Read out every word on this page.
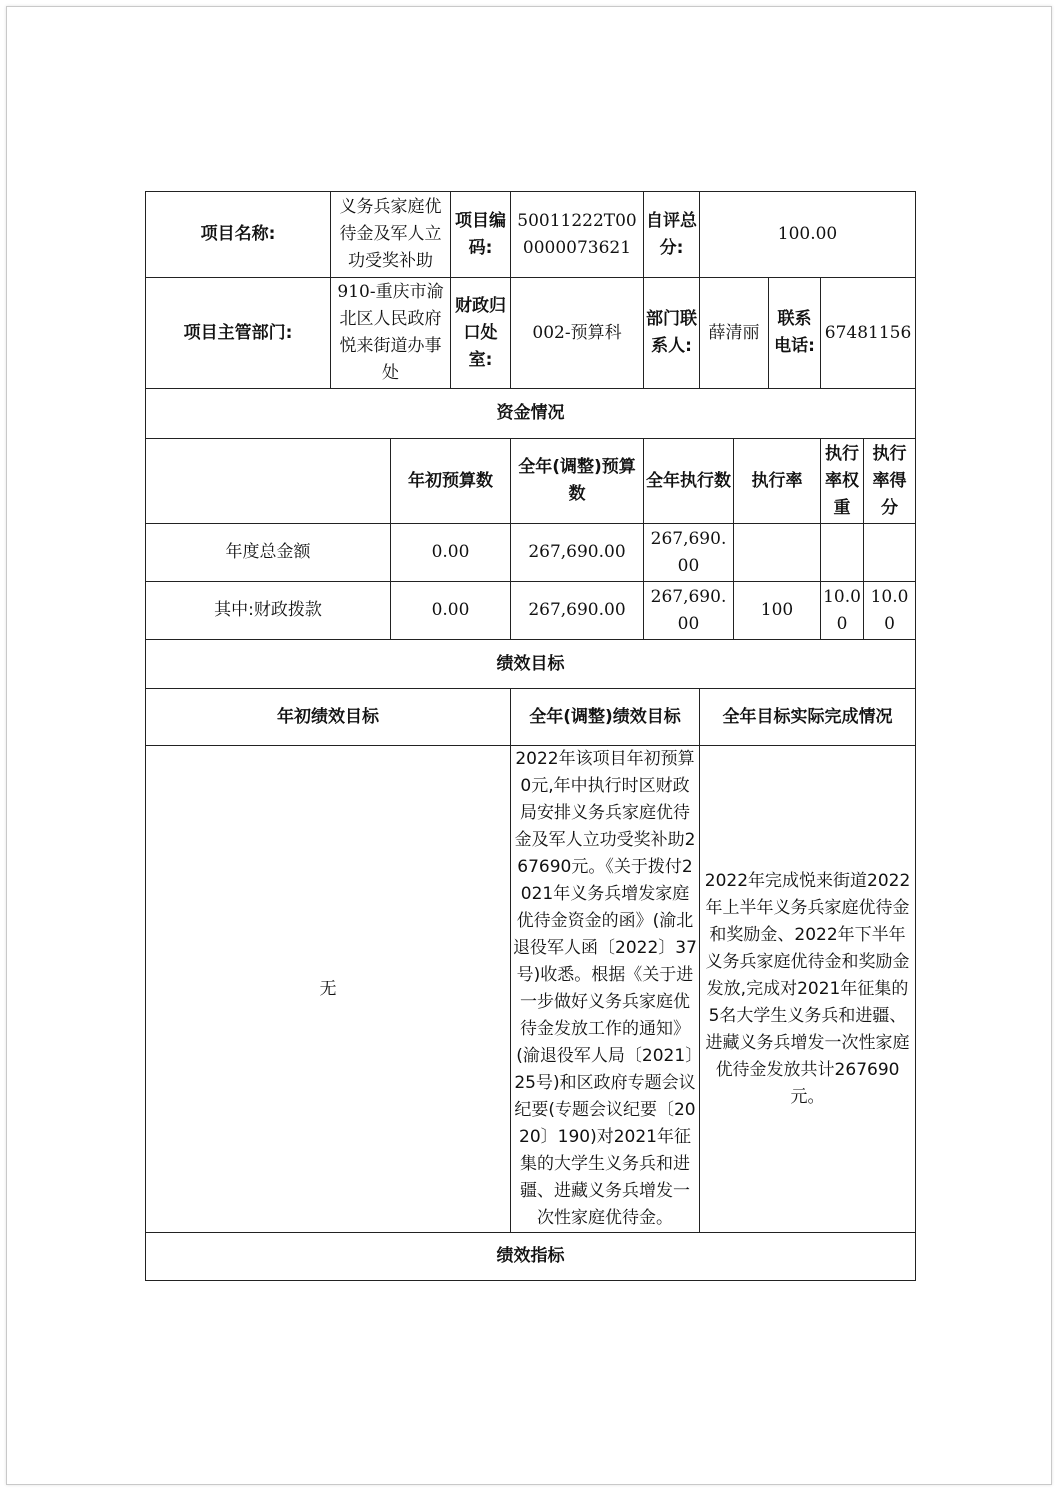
项目名称:	义务兵家庭优待金及军人立功受奖补助		项目编码:	50011222T000000073621	自评总分:	100.00				
项目主管部门:	910-重庆市渝北区人民政府悦来街道办事处		财政归口处室:	002-预算科	部门联系人:	薛清丽		联系电话:	67481156	
资金情况										
		年初预算数		全年(调整)预算数	全年执行数		执行率		执行率权重	执行率得分
年度总金额		0.00		267,690.00	267,690.00					
其中:财政拨款		0.00		267,690.00	267,690.00		100		10.00	10.00
绩效目标										
年初绩效目标				全年(调整)绩效目标		全年目标实际完成情况				
无				2022年该项目年初预算0元,年中执行时区财政局安排义务兵家庭优待金及军人立功受奖补助267690元。《关于拨付2021年义务兵增发家庭优待金资金的函》(渝北退役军人函〔2022〕37号)收悉。根据《关于进一步做好义务兵家庭优待金发放工作的通知》(渝退役军人局〔2021〕25号)和区政府专题会议纪要(专题会议纪要〔2020〕190)对2021年征集的大学生义务兵和进疆、进藏义务兵增发一次性家庭优待金。		2022年完成悦来街道2022年上半年义务兵家庭优待金和奖励金、2022年下半年义务兵家庭优待金和奖励金发放,完成对2021年征集的5名大学生义务兵和进疆、进藏义务兵增发一次性家庭优待金发放共计267690元。				
绩效指标										
